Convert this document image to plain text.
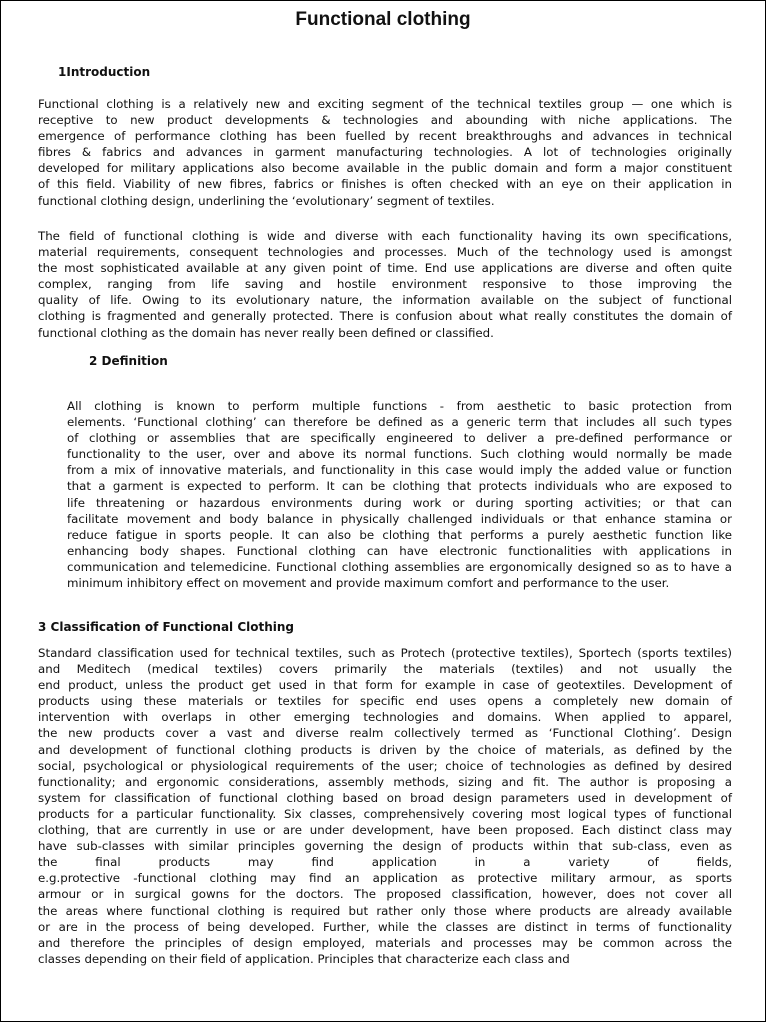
Functional clothing
1Introduction
Functional clothing is a relatively new and exciting segment of the technical textiles group — one which is
receptive to new product developments & technologies and abounding with niche applications. The
emergence of performance clothing has been fuelled by recent breakthroughs and advances in technical
fibres & fabrics and advances in garment manufacturing technologies. A lot of technologies originally
developed for military applications also become available in the public domain and form a major constituent
of this field. Viability of new fibres, fabrics or finishes is often checked with an eye on their application in
functional clothing design, underlining the ‘evolutionary’ segment of textiles.
The field of functional clothing is wide and diverse with each functionality having its own specifications,
material requirements, consequent technologies and processes. Much of the technology used is amongst
the most sophisticated available at any given point of time. End use applications are diverse and often quite
complex, ranging from life saving and hostile environment responsive to those improving the
quality of life. Owing to its evolutionary nature, the information available on the subject of functional
clothing is fragmented and generally protected. There is confusion about what really constitutes the domain of
functional clothing as the domain has never really been defined or classified.
2 Definition
All clothing is known to perform multiple functions - from aesthetic to basic protection from
elements. ‘Functional clothing’ can therefore be defined as a generic term that includes all such types
of clothing or assemblies that are specifically engineered to deliver a pre-defined performance or
functionality to the user, over and above its normal functions. Such clothing would normally be made
from a mix of innovative materials, and functionality in this case would imply the added value or function
that a garment is expected to perform. It can be clothing that protects individuals who are exposed to
life threatening or hazardous environments during work or during sporting activities; or that can
facilitate movement and body balance in physically challenged individuals or that enhance stamina or
reduce fatigue in sports people. It can also be clothing that performs a purely aesthetic function like
enhancing body shapes. Functional clothing can have electronic functionalities with applications in
communication and telemedicine. Functional clothing assemblies are ergonomically designed so as to have a
minimum inhibitory effect on movement and provide maximum comfort and performance to the user.
3 Classification of Functional Clothing
Standard classification used for technical textiles, such as Protech (protective textiles), Sportech (sports textiles)
and Meditech (medical textiles) covers primarily the materials (textiles) and not usually the
end product, unless the product get used in that form for example in case of geotextiles. Development of
products using these materials or textiles for specific end uses opens a completely new domain of
intervention with overlaps in other emerging technologies and domains. When applied to apparel,
the new products cover a vast and diverse realm collectively termed as ‘Functional Clothing’. Design
and development of functional clothing products is driven by the choice of materials, as defined by the
social, psychological or physiological requirements of the user; choice of technologies as defined by desired
functionality; and ergonomic considerations, assembly methods, sizing and fit. The author is proposing a
system for classification of functional clothing based on broad design parameters used in development of
products for a particular functionality. Six classes, comprehensively covering most logical types of functional
clothing, that are currently in use or are under development, have been proposed. Each distinct class may
have sub-classes with similar principles governing the design of products within that sub-class, even as
the final products may find application in a variety of fields,
e.g.protective -functional clothing may find an application as protective military armour, as sports
armour or in surgical gowns for the doctors. The proposed classification, however, does not cover all
the areas where functional clothing is required but rather only those where products are already available
or are in the process of being developed. Further, while the classes are distinct in terms of functionality
and therefore the principles of design employed, materials and processes may be common across the
classes depending on their field of application. Principles that characterize each class and
